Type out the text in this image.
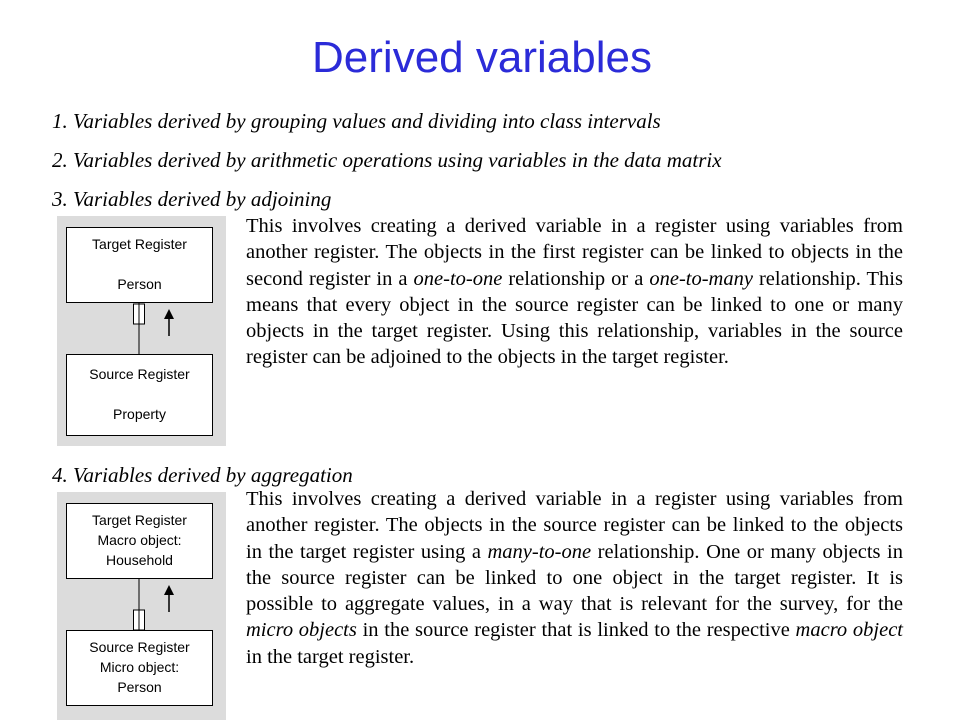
Derived variables
1. Variables derived by grouping values and dividing into class intervals
2. Variables derived by arithmetic operations using variables in the data matrix
3. Variables derived by adjoining
Target Register
Person
Source Register
Property

This involves creating a derived variable in a register using variables from another register. The objects in the first register can be linked to objects in the second register in a one-to-one relationship or a one-to-many relationship. This means that every object in the source register can be linked to one or many objects in the target register. Using this relationship, variables in the source register can be adjoined to the objects in the target register.

4. Variables derived by aggregation
Target Register
Macro object:
Household
Source Register
Micro object:
Person

This involves creating a derived variable in a register using variables from another register. The objects in the source register can be linked to the objects in the target register using a many-to-one relationship. One or many objects in the source register can be linked to one object in the target register. It is possible to aggregate values, in a way that is relevant for the survey, for the micro objects in the source register that is linked to the respective macro object in the target register.
